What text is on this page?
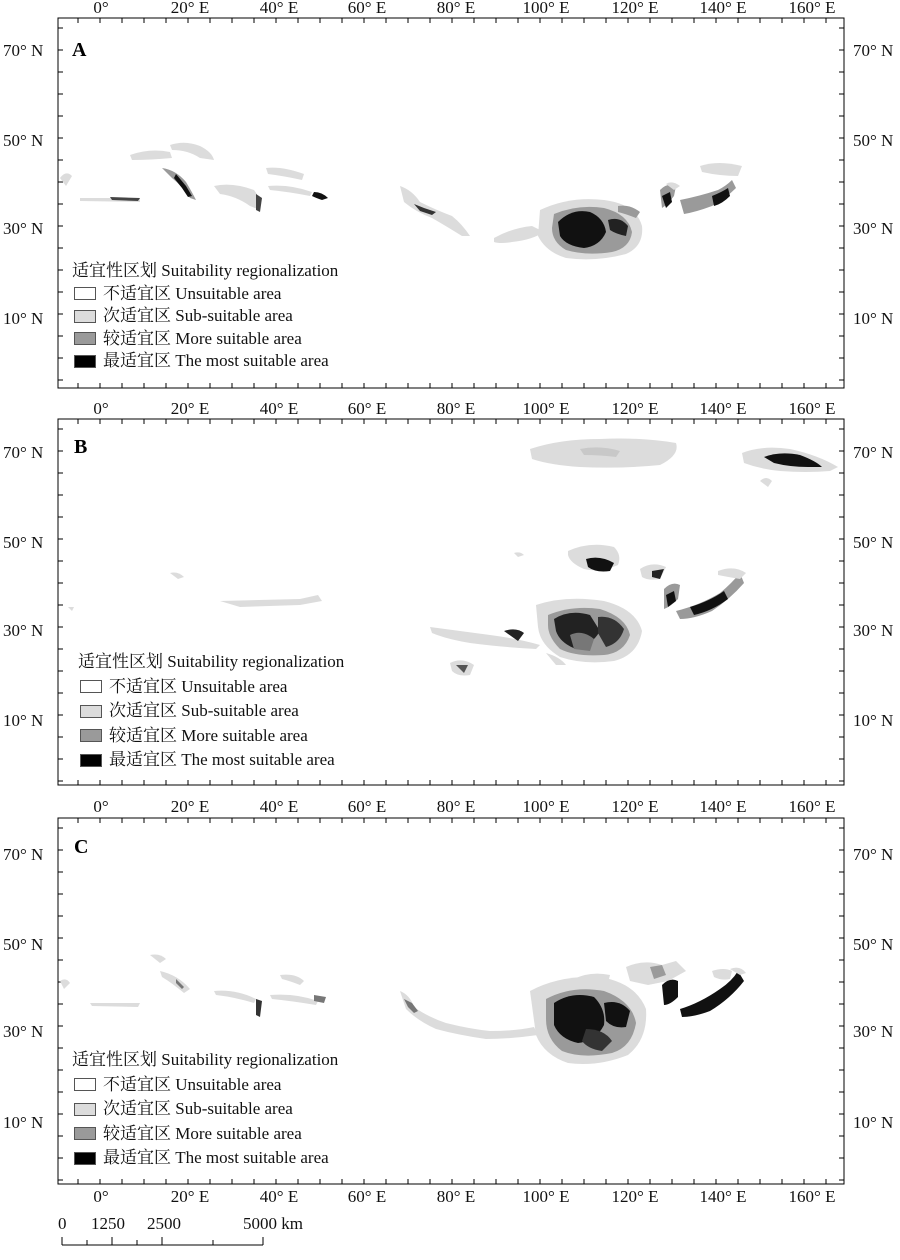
0°	20° E	40° E	60° E	80° E	100° E 120° E 140° E 160° E
70° N
50° N
30° N
10° N
70° N
50° N
30° N
10° N
A
适宜性区划 Suitability regionalization
不适宜区 Unsuitable area
次适宜区 Sub-suitable area
较适宜区 More suitable area
最适宜区 The most suitable area
0°	20° E	40° E	60° E	80° E	100° E 120° E 140° E 160° E
70° N
50° N
30° N
10° N
70° N
50° N
30° N
10° N
B
适宜性区划 Suitability regionalization
不适宜区 Unsuitable area
次适宜区 Sub-suitable area
较适宜区 More suitable area
最适宜区 The most suitable area
0°	20° E	40° E	60° E	80° E	100° E 120° E 140° E 160° E
0°	20° E	40° E	60° E	80° E	100° E 120° E 140° E 160° E
70° N
50° N
30° N
10° N
70° N
50° N
30° N
10° N
C
适宜性区划 Suitability regionalization
不适宜区 Unsuitable area
次适宜区 Sub-suitable area
较适宜区 More suitable area
最适宜区 The most suitable area
0 1250 2500	5000 km
